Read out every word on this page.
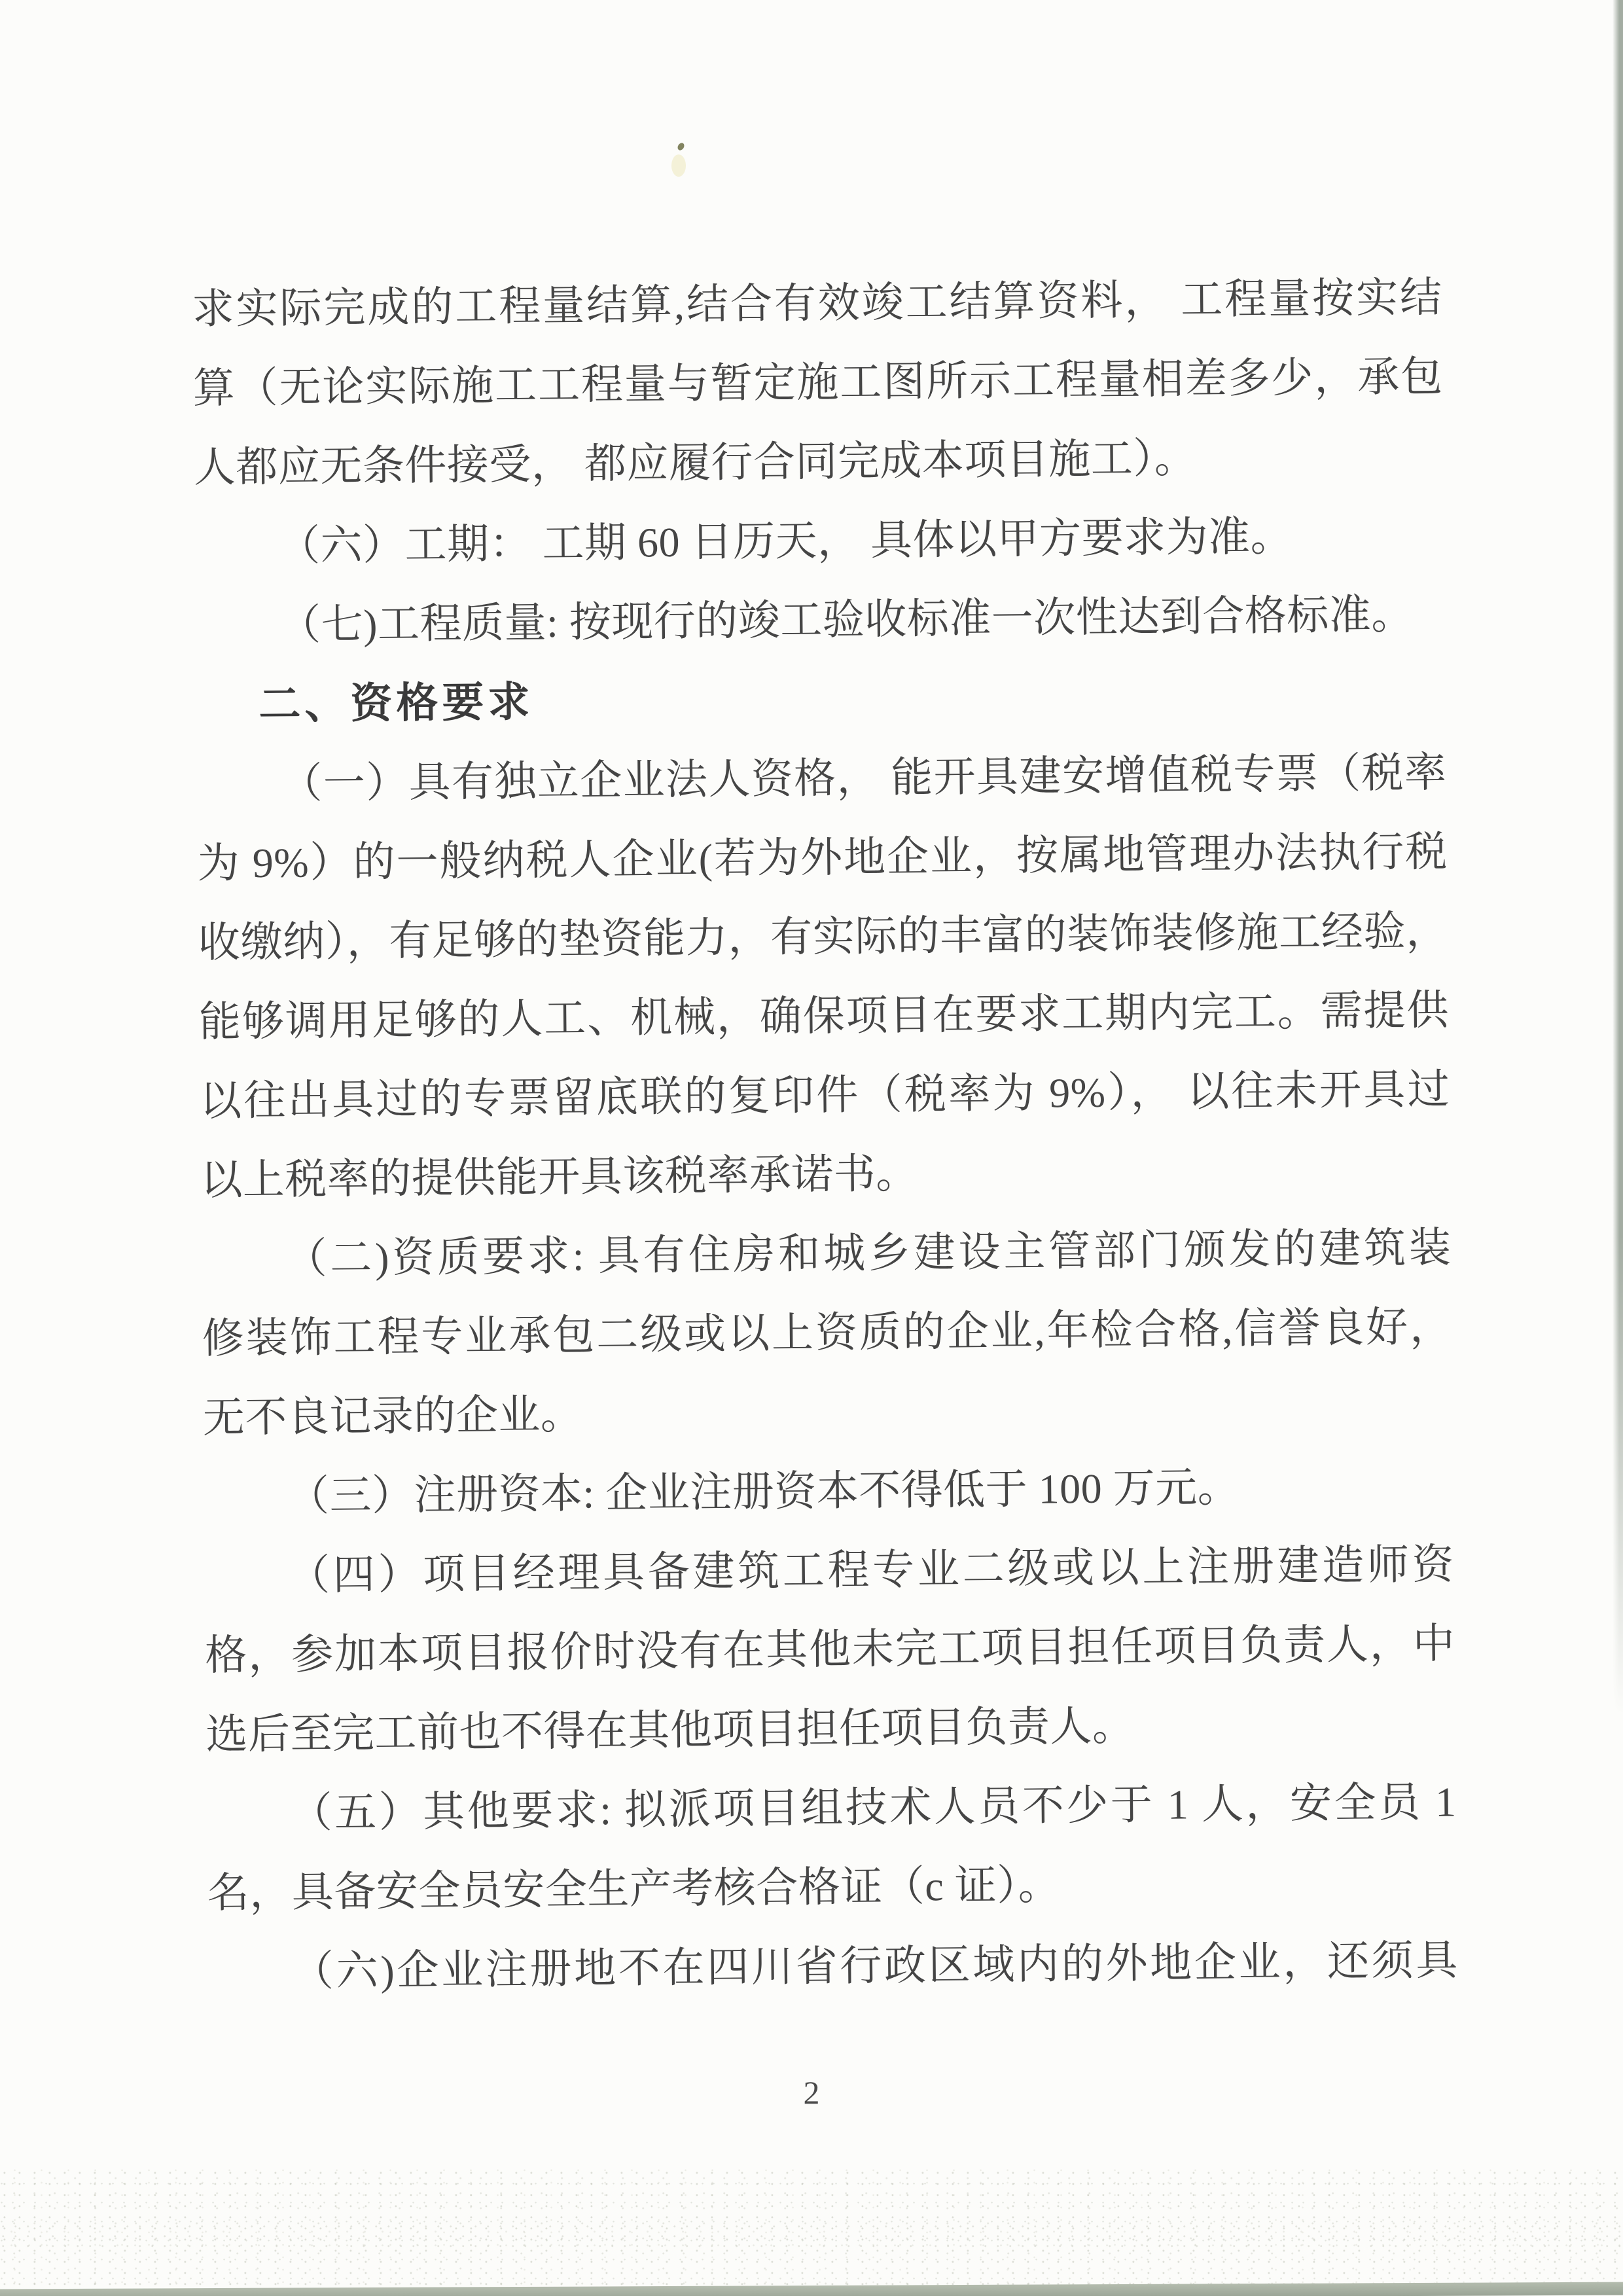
求实际完成的工程量结算,结合有效竣工结算资料， 工程量按实结
算（无论实际施工工程量与暂定施工图所示工程量相差多少，承包
人都应无条件接受， 都应履行合同完成本项目施工）。
（六）工期： 工期 60 日历天， 具体以甲方要求为准。
（七)工程质量: 按现行的竣工验收标准一次性达到合格标准。
二、资格要求
（一）具有独立企业法人资格， 能开具建安增值税专票（税率
为 9%）的一般纳税人企业(若为外地企业，按属地管理办法执行税
收缴纳），有足够的垫资能力，有实际的丰富的装饰装修施工经验，
能够调用足够的人工、机械，确保项目在要求工期内完工。需提供
以往出具过的专票留底联的复印件（税率为 9%）， 以往未开具过
以上税率的提供能开具该税率承诺书。
（二)资质要求: 具有住房和城乡建设主管部门颁发的建筑装
修装饰工程专业承包二级或以上资质的企业,年检合格,信誉良好，
无不良记录的企业。
（三）注册资本: 企业注册资本不得低于 100 万元。
（四）项目经理具备建筑工程专业二级或以上注册建造师资
格，参加本项目报价时没有在其他未完工项目担任项目负责人，中
选后至完工前也不得在其他项目担任项目负责人。
（五）其他要求: 拟派项目组技术人员不少于 1 人，安全员 1
名，具备安全员安全生产考核合格证（c 证）。
（六)企业注册地不在四川省行政区域内的外地企业，还须具
2
